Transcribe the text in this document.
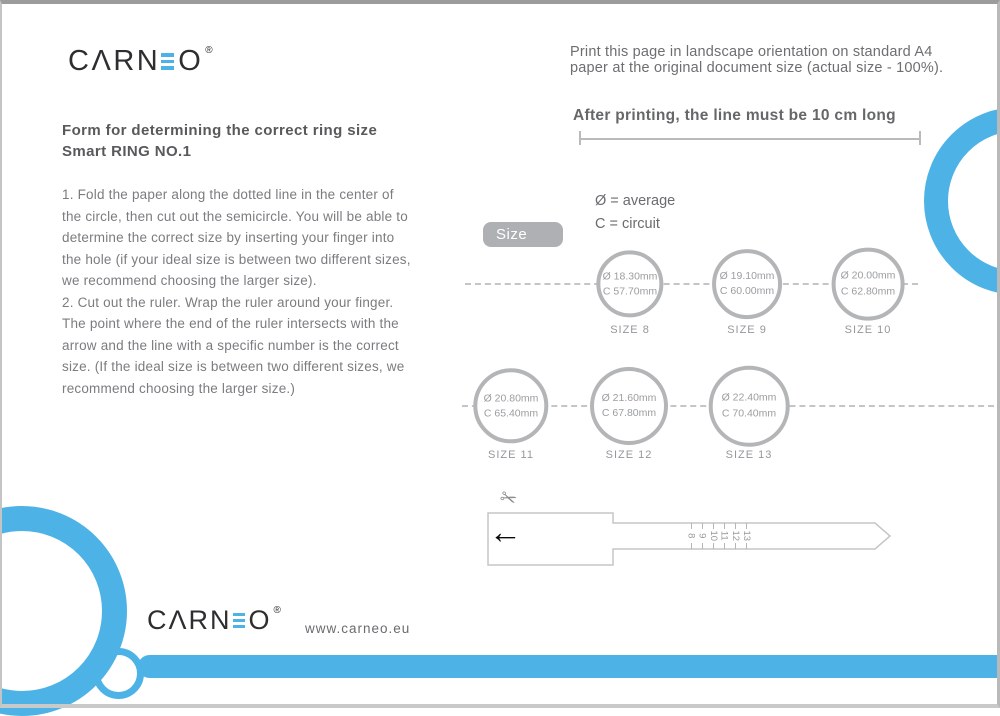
CΛRN O ®
Form for determining the correct ring size
Smart RING NO.1

1. Fold the paper along the dotted line in the center of the circle, then cut out the semicircle. You will be able to determine the correct size by inserting your finger into the hole (if your ideal size is between two different sizes, we recommend choosing the larger size).

2. Cut out the ruler. Wrap the ruler around your finger. The point where the end of the ruler intersects with the arrow and the line with a specific number is the correct size. (If the ideal size is between two different sizes, we recommend choosing the larger size.)

Print this page in landscape orientation on standard A4 paper at the original document size (actual size - 100%).
After printing, the line must be 10 cm long
Ø = average
C = circuit
Size
Ø 18.30mm
C 57.70mm
SIZE 8
Ø 19.10mm
C 60.00mm
SIZE 9
Ø 20.00mm
C 62.80mm
SIZE 10
Ø 20.80mm
C 65.40mm
SIZE 11
Ø 21.60mm
C 67.80mm
SIZE 12
Ø 22.40mm
C 70.40mm
SIZE 13
✂
←	8 9 10 11 12 13
CΛRN O ®
www.carneo.eu
